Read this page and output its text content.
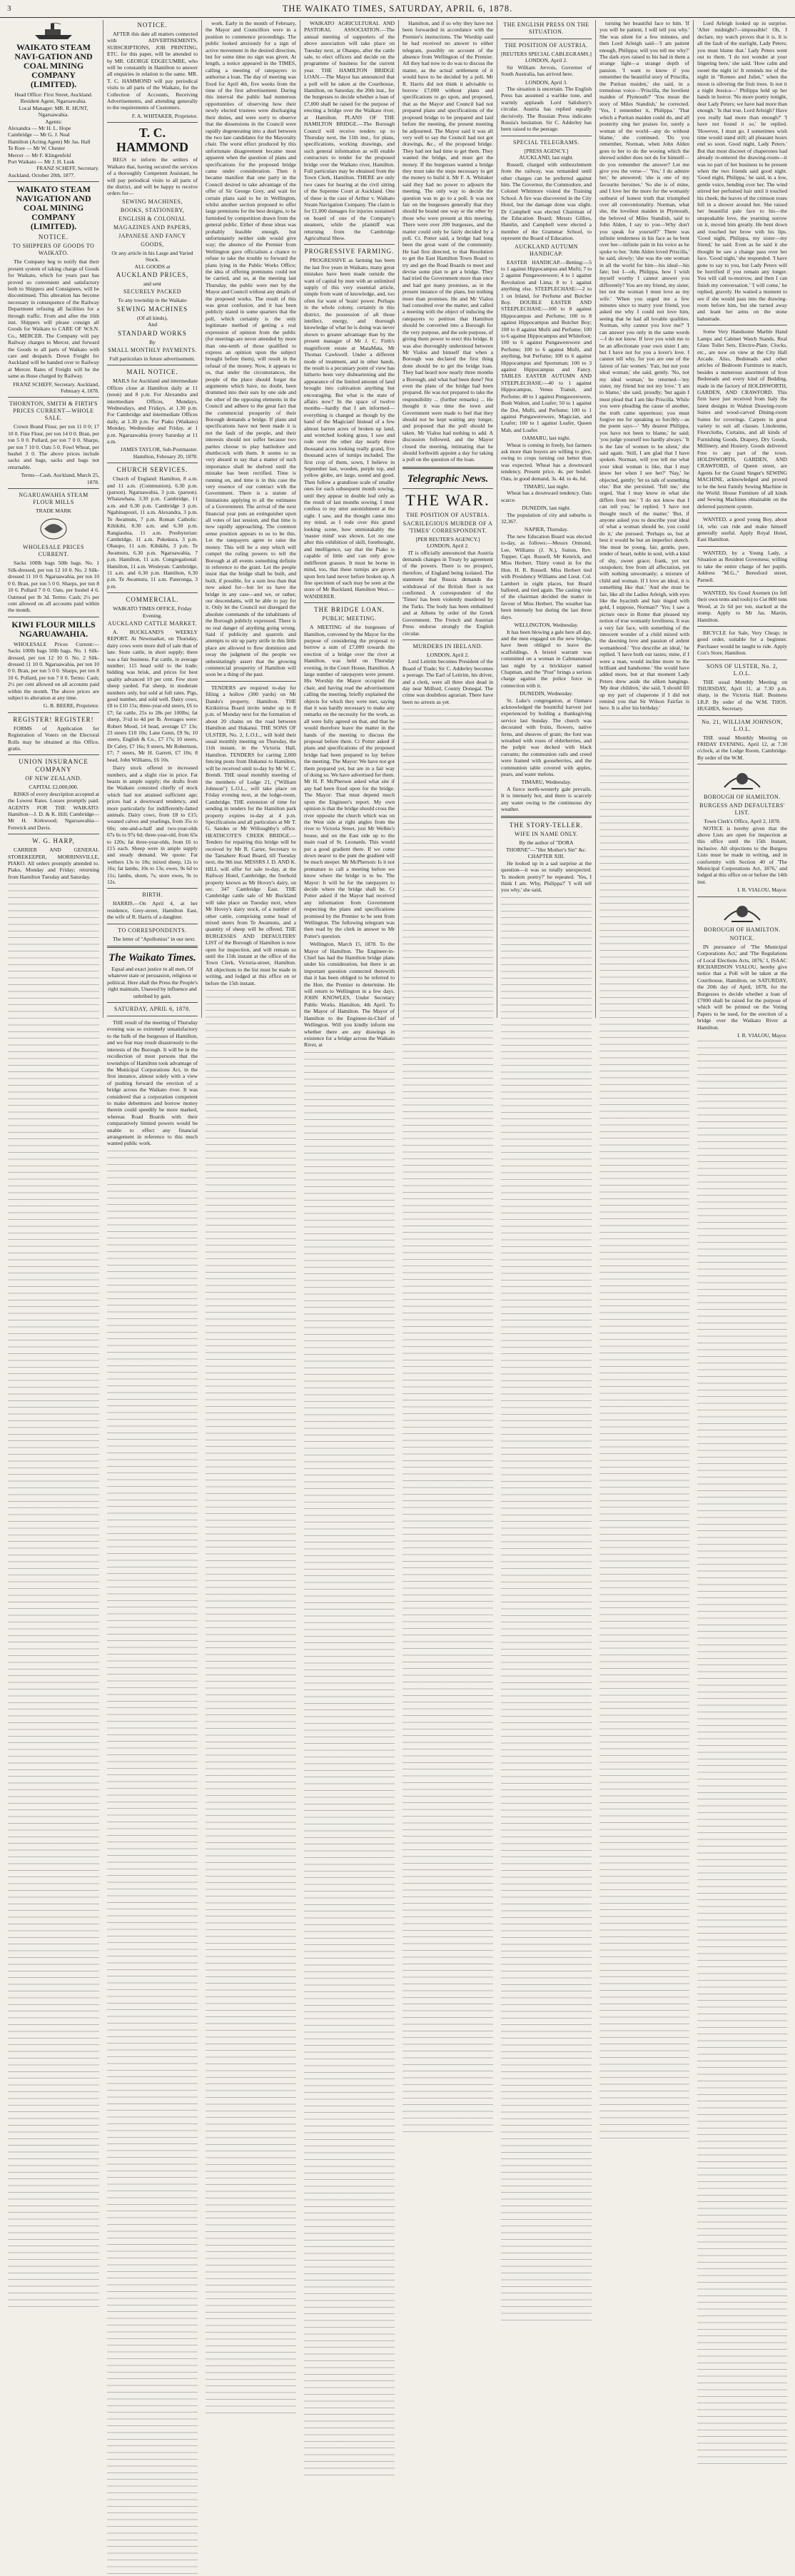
3	THE WAIKATO TIMES, SATURDAY, APRIL 6, 1878.
WAIKATO STEAM NAVI-GATION AND COAL MINING COMPANY (LIMITED).
Head Office: First Street, Auckland.
Resident Agent, Ngaruawahia.
Local Manager: MR. R. HUNT, Ngaruawahia.
Agents:
Alexandra — Mr H. L. Hope
Cambridge — Mr G. J. Neal
Hamilton (Acting Agent) Mr Jas. Hall
Te Rore — Mr W. Chester
Mercer — Mr F. Klingenfeld
Port Waikato — Mr J. H. Lusk
FRANZ SCHEFF, Secretary.
Auckland, October 20th, 1877.
WAIKATO STEAM NAVIGATION AND COAL MINING COMPANY (LIMITED).
NOTICE.
TO SHIPPERS OF GOODS TO WAIKATO.
The Company beg to notify that their present system of taking charge of Goods for Waikato, which for years past has proved so convenient and satisfactory both to Shippers and Consignees, will be discontinued. This alteration has become necessary in consequence of the Railway Department refusing all facilities for a through traffic. From and after the 16th inst. Shippers will please consign all Goods for Waikato to CARE OF W.S.N. Co., MERCER. The Company will pay Railway charges to Mercer, and forward the Goods to all parts of Waikato with care and despatch. Down Freight for Auckland will be handed over to Railway at Mercer. Rates of Freight will be the same as those charged by Railway.
FRANZ SCHEFF, Secretary. Auckland, February 4, 1878.
THORNTON, SMITH & FIRTH'S PRICES CURRENT—WHOLE SALE.
Crown Brand Flour, per ton 11 0 0; 17 10 0. Fine Flour, per ton 14 0 0. Bran, per ton 5 0 0. Pollard, per ton 7 0 0. Sharps, per ton 7 10 0. Oats 5 0. Fowl Wheat, per bushel 3 0. The above prices include sacks and bags, sacks and bags not returnable.
Terms—Cash. Auckland, March 25, 1878.
NGARUAWAHIA STEAM FLOUR MILLS
TRADE MARK
WHOLESALE PRICES CURRENT.
Sacks 100lb bags 50lb bags. No. 1 Silk-dressed, per ton 12 10 0. No. 2 Silk-dressed 11 10 0. Ngaruawahia, per ton 10 0 0. Bran, per ton 5 0 0. Sharps, per ton 8 10 6. Pollard 7 0 0. Oats, per bushel 4 6. Oatmeal per lb 3d. Terms: Cash; 2½ per cent allowed on all accounts paid within the month.
KIWI FLOUR MILLS NGARUAWAHIA.
WHOLESALE Prices Current:— Sacks 100lb bags 50lb bags. No. 1 Silk-dressed, per ton 12 10 0. No. 2 Silk-dressed 11 10 0. Ngaruawahia, per ton 10 0 0. Bran, per ton 5 0 0. Sharps, per ton 8 10 6. Pollard, per ton 7 0 0. Terms: Cash; 2½ per cent allowed on all accounts paid within the month. The above prices are subject to alteration at any time.
G. B. BEERE, Proprietor.
REGISTER! REGISTER!
FORMS of Application for Registration of Voters on the Electoral Rolls may be obtained at this Office, gratis.
UNION INSURANCE COMPANY
OF NEW ZEALAND.
CAPITAL £2,000,000.
RISKS of every description accepted at the Lowest Rates. Losses promptly paid. AGENTS FOR THE WAIKATO: Hamilton—J. D. & K. Hill; Cambridge—Mr H. Kirkwood; Ngaruawahia—Fenwick and Davis.
W. G. HARP,
CARRIER AND GENERAL STOREKEEPER, MORRINSVILLE, PIAKO. All orders promptly attended to. Piako, Monday and Friday; returning from Hamilton Tuesday and Saturday.
NOTICE.
AFTER this date all matters connected with ADVERTISEMENTS, SUBSCRIPTIONS, JOB PRINTING, ETC. for this paper, will be attended to by MR. GEORGE EDGECUMBE, who will be constantly in Hamilton to answer all enquiries in relation to the same. MR. T. C. HAMMOND will pay periodical visits to all parts of the Waikato, for the Collection of Accounts, Receiving Advertisements, and attending generally to the requirements of Customers.
F. A. WHITAKER, Proprietor.
T. C. HAMMOND
BEGS to inform the settlers of Waikato that, having secured the services of a thoroughly Competent Assistant, he will pay periodical visits to all parts of the district, and will be happy to receive orders for—
SEWING MACHINES,
BOOKS, STATIONERY,
ENGLISH & COLONIAL
MAGAZINES AND PAPERS,
JAPANESE AND FANCY
GOODS,
Or any article in his Large and Varied Stock.
ALL GOODS at
AUCKLAND PRICES,
and sent
SECURELY PACKED
To any township in the Waikato
SEWING MACHINES
(Of all kinds),
And
STANDARD WORKS
By
SMALL MONTHLY PAYMENTS.
Full particulars in future advertisement.
MAIL NOTICE.
MAILS for Auckland and intermediate Offices close at Hamilton daily at 11 (noon) and 8 p.m. For Alexandra and intermediate Offices, Mondays, Wednesdays, and Fridays, at 1.30 p.m. For Cambridge and intermediate Offices daily, at 1.30 p.m. For Piako (Waikato) Monday, Wednesday and Friday, at 1 p.m. Ngaruawahia (every Saturday at 11 a.m.
JAMES TAYLOR, Sub-Postmaster. Hamilton, February 20, 1878.
CHURCH SERVICES.
Church of England: Hamilton, 8 a.m. and 11 a.m. (Communion), 6.30 p.m. (parson). Ngaruawahia, 3 p.m. (parson). Whatawhata, 3.30 p.m. Cambridge, 11 a.m. and 6.30 p.m. Cambridge 3 p.m. Ngahinapouri, 11 a.m. Alexandra, 3 p.m. Te Awamutu, 7 p.m. Roman Catholic: Kihikihi, 8.30 a.m. and 6.30 p.m. Rangiaohia, 11 a.m. Presbyterian: Cambridge, 11 a.m. Pukekura, 3 p.m. Ohaupo, 11 a.m. Kihikihi, 3 p.m. Te Awamutu, 6.30 p.m. Ngaruawahia, 7 p.m. Hamilton, 11 a.m. Congregational: Hamilton, 11 a.m. Wesleyan: Cambridge, 11 a.m. and 6.30 p.m. Hamilton, 6.30 p.m. Te Awamutu, 11 a.m. Pateronga, 3 p.m.
COMMERCIAL.
WAIKATO TIMES OFFICE, Friday Evening.
AUCKLAND CATTLE MARKET.
A. BUCKLAND'S WEEKLY REPORT. At Newmarket, on Thursday, dairy cows were more dull of sale than of late. Store cattle, in short supply; there was a fair business. Fat cattle, in average number; 115 head sold to the trade; bidding was brisk, and prices for best quality advanced 10 per cent. Few store sheep yarded. Fat sheep, in moderate numbers only, but sold at full rates. Pigs, good number, and sold well. Dairy cows, £8 to £10 15s; three-year-old steers, £6 to £7; fat cattle, 25s to 28s per 100lbs; fat sheep, 3½d to 4d per lb. Averages were: Robert Mood, 14 head, average £7 13s; 23 steers £10 10s; Lane Genn, £9 9s; 10 steers, English & Co., £7 17s; 10 steers, Dr Caley, £7 16s; 9 steers, Mr Robertson, £7; 7 steers, Mr H. Garrett, £7 10s; 8 head, John Williams, £6 10s.
Dairy stock offered in increased numbers, and a slight rise in price. Fat beasts in ample supply; the drafts from the Waikato consisted chiefly of stock which had not attained sufficient age; prices had a downward tendency, and more particularly for indifferently-fatted animals. Dairy cows, from £8 to £15; weaned calves and yearlings, from 35s to 60s; one-and-a-half and two-year-olds 67s 6s to 97s 6d; three-year-old, from 65s to 120s; fat three-year-olds, from £6 to £15 each. Sheep were in ample supply and steady demand. We quote: Fat wethers 13s to 18s; mixed sheep, 12s to 16s; fat lambs, 10s to 13s; ewes, 9s 6d to 11s; lambs, shorn, 7s; store ewes, 9s to 12s.
BIRTH.
HARRIS.—On April 4, at her residence, Grey-street, Hamilton East, the wife of R. Harris of a daughter.
TO CORRESPONDENTS.
The letter of "Apollonius" in our next.
The Waikato Times.
Equal and exact justice to all men, Of whatever state or persuasion, religious or political. Here shall the Press the People's right maintain, Unawed by influence and unbribed by gain.
SATURDAY, APRIL 6, 1878.
THE result of the meeting of Thursday evening was so extremely unsatisfactory to the bulk of the burgesses of Hamilton, and we fear may result disastrously to the interests of the Borough. It will be in the recollection of most persons that the townships of Hamilton took advantage of the Municipal Corporations Act, in the first instance, almost solely with a view of pushing forward the erection of a bridge across the Waikato river. It was considered that a corporation competent to make debentures and borrow money therein could speedily be more marked, whereas Road Boards with their comparatively limited powers would be unable to effect any financial arrangement in reference to this much wanted public work.
work. Early in the month of February, the Mayor and Councillors were in a position to commence proceedings. The public looked anxiously for a sign of active movement in the desired direction, but for some time no sign was given. At length, a notice appeared in the TIMES, calling a meeting of ratepayers to authorise a loan. The day of meeting was fixed for April 4th, five weeks from the time of the first advertisement. During this interval the public had numerous opportunities of observing how their newly elected trustees were discharging their duties, and were sorry to observe that the dissensions in the Council were rapidly degenerating into a duel between the two late candidates for the Mayoralty chair. The worst effect produced by this unfortunate disagreement became most apparent when the question of plans and specifications for the proposed bridge came under consideration. Then it became manifest that one party in the Council desired to take advantage of the offer of Sir George Grey, and wait for certain plans said to be in Wellington, whilst another section proposed to offer large premiums for the best designs, to be furnished by competition drawn from the general public. Either of these ideas was probably feasible enough, but unfortunately neither side would give way; the absence of the Premier from Wellington gave officialism a chance to refuse to take the trouble to forward the plans lying in the Public Works Office; the idea of offering premiums could not be carried, and so, at the meeting last Thursday, the public were met by the Mayor and Council without any details of the proposed works. The result of this was great confusion, and it has been publicly stated in some quarters that the poll, which certainly is the only legitimate method of getting a real expression of opinion from the public (for meetings are never attended by more than one-tenth of those qualified to express an opinion upon the subject brought before them), will result in the refusal of the money. Now, it appears to us, that under the circumstances, the people of the place should forget the arguments which have, no doubt, been drummed into their ears by one side and the other of the opposing elements in the Council and adhere to the great fact that the commercial prosperity of their Borough demands a bridge. If plans and specifications have not been made it is not the fault of the people, and their interests should not suffer because two parties choose to play battledore and shuttlecock with them. It seems to us very absurd to say that a matter of such importance shall be shelved until the mistake has been rectified. Time is running on, and time is in this case the very essence of our contract with the Government. There is a statute of limitations applying to all the estimates of a Government. The arrival of the next financial year puts an extinguisher upon all votes of last session, and that time is now rapidly approaching. The common sense position appears to us to be this. Let the ratepayers agree to raise the money. This will be a step which will compel the ruling powers to tell the Borough at all events something definite in reference to the grant. Let the people insist that the bridge shall be built, and built, if possible, for a sum less than that now asked for—but let us have the bridge in any case—and we, or rather, our descendants, will be able to pay for it. Only let the Council not disregard the absolute commands of the inhabitants of the Borough publicly expressed. There is no real danger of anything going wrong. Said if publicity and quarrels and attempts to stir up party strife in this little place are allowed to flow dominion and sway the judgment of the people we unhesitatingly assert that the growing commercial prosperity of Hamilton will soon be a thing of the past.
TENDERS are required to-day for filling a hollow (300 yards) on Mr Dando's property, Hamilton. THE Kirikiriroa Board invite tender up to 8 p.m. of Monday next for the formation of about 20 chains on the road between Hamilton and Hukanui. THE SONS OF ULSTER, No. 2, L.O.L., will hold their usual monthly meeting on Thursday, the 11th instant, in the Victoria Hall, Hamilton. TENDERS for carting 2,000 fencing posts from Hukanui to Hamilton, will be received until to-day by Mr W. C. Brendt. THE usual monthly meeting of the members of Lodge 21, ("William Johnson") L.O.L., will take place on Friday evening next, at the lodge-room, Cambridge. THE extension of time for sending in tenders for the Hamilton park property expires to-day at 4 p.m. Specifications and all particulars at Mr T. G. Sandes or Mr Willoughby's office. HEATHCOTE'S CREEK BRIDGE.—Tenders for repairing this bridge will be received by Mr R. Carter, Secretary to the Tamahere Road Board, till Tuesday next, the 9th inst. MESSRS J. D. AND K. HILL will offer for sale to-day, at the Railway Hotel, Cambridge, the freehold property known as Mr Hovey's dairy, on sec. 347 Cambridge East. THE Cambridge cattle sale of Mr Buckland will take place on Tuesday next, when Mr Hovey's dairy stock, of a number of other cattle, comprising some head of mixed steers from Te Awamutu, and a quantity of sheep will be offered. THE BURGESSES AND DEFAULTERS' LIST of the Borough of Hamilton is now open for inspection, and will remain so until the 15th instant at the office of the Town Clerk, Victoria-street, Hamilton. All objections to the list must be made in writing, and lodged at this office on or before the 15th instant.
WAIKATO AGRICULTURAL AND PASTORAL ASSOCIATION.—The annual meeting of supporters of the above association will take place on Tuesday next, at Ohaupo, after the cattle sale, to elect officers and decide on the programme of business for the current year. THE HAMILTON BRIDGE LOAN.—The Mayor has announced that a poll will be taken at the Courthouse, Hamilton, on Saturday, the 20th inst., for the burgesses to decide whether a loan of £7,000 shall be raised for the purpose of erecting a bridge over the Waikato river, at Hamilton. PLANS OF THE HAMILTON BRIDGE.—The Borough Council will receive tenders up to Thursday next, the 11th inst., for plans, specifications, working drawings, and such general information as will enable contractors to tender for the proposed bridge over the Waikato river, Hamilton. Full particulars may be obtained from the Town Clerk, Hamilton. THERE are only two cases for hearing at the civil sitting of the Supreme Court at Auckland. One of these is the case of Arthur v. Waikato Steam Navigation Company. The claim is for £1,000 damages for injuries sustained on board of one of the Company's steamers, while the plaintiff was returning from the Cambridge Agricultural Show.
PROGRESSIVE FARMING.
PROGRESSIVE as farming has been the last five years in Waikato, many great mistakes have been made outside the want of capital by men with an unlimited supply of this very essential article, simple from want of knowledge, and, too often for want of 'brain' power. Perhaps in the whole colony, certainly in this district, the possession of all those intellect, energy, and thorough knowledge of what he is doing was never shown to greater advantage than by the present manager of Mr J. C. Firth's magnificent estate at MataMata, Mr Thomas Cawkwell. Under a different mode of treatment, and in other hands, the result is a pecuniary point of view has hitherto been very disheartening and the appearance of the limited amount of land brought into cultivation anything but encouraging. But what is the state of affairs now? In the space of twelve months—hardly that I am informed—everything is changed as though by the hand of the Magician! Instead of a few almost barren acres of broken up land, and wretched looking grass, I saw and rode over the other day nearly three thousand acres looking really grand, five thousand acres of turnips included. The first crop of them, sown, I believe in September last, wooden, purple top, and yellow globe, are large, sound and good. Then follow a grandiose scale of smaller ones for each subsequent month sowing, until they appear in double leaf only as the result of last months sowing. I must confess to my utter astonishment at the sight. I saw, and the thought came into my mind, as I rode over this grand looking scene, how unmistakably the 'master mind' was shown. Let no one after this exhibition of skill, forethought, and intelligence, say that the Piako is capable of little and can only grow indifferent grasses. It must be borne in mind, too, that these turnips are grown upon fern land never before broken up. A fine specimen of such may be seen at the store of Mr Buckland, Hamilton West.—WANDERER.
THE BRIDGE LOAN.
PUBLIC MEETING.
A MEETING of the burgesses of Hamilton, convened by the Mayor for the purpose of considering the proposal to borrow a sum of £7,000 towards the erection of a bridge over the river at Hamilton, was held on Thursday evening, in the Court House, Hamilton. A large number of ratepayers were present. His Worship the Mayor occupied the chair, and having read the advertisement calling the meeting, briefly explained the objects for which they were met, saying that it was hardly necessary to make any remarks on the necessity for the work, as all were fully agreed on that, and that he would therefore leave the matter in the hands of the meeting to discuss the proposal before them. Cr Potter asked if plans and specifications of the proposed bridge had been prepared to lay before the meeting. The Mayor: We have not got them prepared yet, but are in a fair way of doing so. We have advertised for them. Mr H. P. McPherson asked what site if any had been fixed upon for the bridge. The Mayor: That must depend much upon the Engineer's report. My own opinion is that the bridge should cross the river opposite the church which was on the West side at right angles from the river to Victoria Street, just Mr Welbie's house, and on the East side up to the main road of St. Leonards. This would put a good gradient there. If we come down nearer to the punt the gradient will be much steeper. Mr McPherson: Is it not premature to call a meeting before we know where the bridge is to be. The Mayor: It will be for the ratepayers to decide where the bridge shall be. Cr Potter asked if the Mayor had received any information from Government respecting the plans and specifications promised by the Premier to be sent from Wellington. The following telegram was then read by the clerk in answer to Mr Potter's question.
Wellington, March 15, 1878. To the Mayor of Hamilton. The Engineer-in-Chief has had the Hamilton bridge plans under his consideration, but there is an important question connected therewith that it has been obliged to be referred to the Hon. the Premier to determine. He will return to Wellington in a few days. JOHN KNOWLES, Under Secretary Public Works. Hamilton, 4th April. To the Mayor of Hamilton. The Mayor of Hamilton to the Engineer-in-Chief of Wellington. Will you kindly inform me whether there are any drawings in existence for a bridge across the Waikato River, at
Hamilton, and if so why they have not been forwarded in accordance with the Premier's instructions. The Worship said he had received no answer to either telegram, possibly on account of the absence from Wellington of the Premier. All they had now to do was to discuss the matter, as the actual settlement of it would have to be decided by a poll. Mr R. Harris did not think it advisable to borrow £7,000 without plans and specifications to go upon, and proposed, that as the Mayor and Council had not prepared plans and specifications of the proposed bridge to be prepared and laid before the meeting, the present meeting be adjourned. The Mayor said it was all very well to say the Council had not got drawings, &c., of the proposed bridge. They had not had time to get them. They wanted the bridge, and must get the money. If the burgesses wanted a bridge they must take the steps necessary to get the money to build it. Mr F. A. Whitaker said they had no power to adjourn the meeting. The only way to decide the question was to go to a poll. It was not fair on the burgesses generally that they should be bound one way or the other by those who were present at this meeting. There were over 200 burgesses, and the matter could only be fairly decided by a poll. Cr. Potter said, a bridge had long been the great want of the community. He had first directed, to that Resolution to get the East Hamilton Town Board to try and get the Road Boards to meet and devise some plan to get a bridge. They had tried the Government more than once and had got many promises, as in the present instance of the plans, but nothing more than promises. He and Mr Vialou had consulted over the matter, and called a meeting with the object of inducing the ratepayers to petition that Hamilton should be converted into a Borough for the very purpose, and the sole purpose, of giving them power to erect this bridge. It was also thoroughly understood between Mr Vialou and himself that when a Borough was declared the first thing done should be to get the bridge loan. They had heard now nearly three months a Borough, and what had been done? Not even the plans of the bridge had been prepared. He was not prepared to take the responsibility ... (further remarks) ... He thought it was time the town and Government were made to feel that they should not be kept waiting any longer, and proposed that the poll should be taken. Mr Vialou had nothing to add. A discussion followed, and the Mayor closed the meeting, intimating that he should forthwith appoint a day for taking a poll on the question of the loan.
Telegraphic News.
THE WAR.
THE POSITION OF AUSTRIA.
SACRILEGIOUS MURDER OF A 'TIMES' CORRESPONDENT.
[PER REUTER'S AGENCY.]
LONDON, April 2.
IT is officially announced that Austria demands changes in Treaty by agreement of the powers. There is no prospect, therefore, of England being isolated. The statement that Russia demands the withdrawal of the British fleet is not confirmed. A correspondent of the 'Times' has been violently murdered by the Turks. The body has been embalmed and at Athens by order of the Greek Government. The French and Austrian Press endorse strongly the English circular.
MURDERS IN IRELAND.
LONDON, April 2.
Lord Leitrim becomes President of the Board of Trade; Sir C. Adderley becomes a peerage. The Earl of Leitrim, his driver, and a clerk, were all three shot dead in day near Milford, County Donegal. The crime was doubtless agrarian. There have been no arrests as yet.
THE ENGLISH PRESS ON THE SITUATION.
THE POSITION OF AUSTRIA.
[REUTERS SPECIAL CABLEGRAMS.]
LONDON, April 2.
Sir William Jervois, Governor of South Australia, has arrived here.
LONDON, April 3.
The situation is uncertain. The English Press has assumed a warlike tone, and warmly applauds Lord Salisbury's circular. Austria has replied equally decisively. The Russian Press indicates Russia's hesitation. Sir C. Adderley has been raised to the peerage.
SPECIAL TELEGRAMS.
[PRESS AGENCY.]
AUCKLAND, last night.
Russell, charged with embezzlement from the railway, was remanded until other charges can be preferred against him. The Governor, the Commodore, and Colonel Whitmore visited the Training School. A fire was discovered in the City Hotel, but the damage done was slight. Dr Campbell was elected Chairman of the Education Board; Messrs Gillies, Hamlin, and Campbell were elected a member of the Grammar School, to represent the Board of Education.
AUCKLAND AUTUMN HANDICAP.
EASTER HANDICAP.—Betting:—5 to 1 against Hippocampus and Mufti; 7 to 2 against Pungawerewere; 4 to 1 against Revolution and Lima; 8 to 1 against anything else. STEEPLECHASE:—2 to 1 on Inland, for Perfume and Butcher Boy. DOUBLE EASTER AND STEEPLECHASE:—100 to 8 against Hippocampus and Perfume; 100 to 8 against Hippocampus and Butcher Boy; 100 to 8 against Mufti and Perfume; 100 to 6 against Hippocampus and Whitefoot; 100 to 6 against Pungawerewere and Perfume; 100 to 6 against Mufti, and anything, but Perfume; 100 to 6 against Hippocampus and Sportsman; 100 to 3 against Hippocampus and Fancy. TABLES EASTER AUTUMN AND STEEPLECHASE:—40 to 1 against Hippocampus, Venus Transit, and Perfume; 40 to 1 against Pungawerewere, Bush Walton, and Loafer; 50 to 1 against the Dot, Mufti, and Perfume; 100 to 1 against Pungawerewere, Magician, and Loafer; 100 to 1 against Loafer, Queen Mab, and Loafer.
OAMARU, last night.
Wheat is coming in freely, but farmers ask more than buyers are willing to give, owing to crops turning out better than was expected. Wheat has a downward tendency. Present price, 4s. per bushel. Oats, in good demand, 3s. 4d. to 4s. 6d.
TIMARU, last night.
Wheat has a downward tendency. Oats scarce.
DUNEDIN, last night.
The population of city and suburbs is 32,367.
NAPIER, Thursday.
The new Education Board was elected to-day, as follows:—Messrs Ormond, Lee, Williams (J. N.), Sutton, Rev. Tupper, Capt. Russell, Mr Kenrick, and Miss Herbert. Thirty voted in for the Hon. H. R. Russell. Miss Herbert tied with Presidency Williams and Lieut. Col. Lambert in eight places, but Board balloted, and tied again. The casting vote of the chairman decided the matter in favour of Miss Herbert. The weather has been intensely hot during the last three days.
WELLINGTON, Wednesday.
It has been blowing a gale here all day, and the men engaged on the new bridge, have been obliged to leave the scaffoldings. A bristol warrant was committed on a woman in Cabmanstead last night by a bricklayer named Chapman, and the "Post" brings a serious charge against the police force in connection with it.
DUNEDIN, Wednesday.
St. Luke's congregation, at Oamaru acknowledged the bountiful harvest just experienced by holding a thanksgiving service last Sunday. The church was decorated with fruits, flowers, native ferns, and sheaves of grain; the font was wreathed with roses of elderberries, and the pulpit was decked with black currants; the communion rails and creed were framed with gooseberries, and the communion table covered with apples, pears, and water melons.
TIMARU, Wednesday.
A fierce north-westerly gale prevails. It is intensely hot, and there is scarcely any water owing to the continuous dry weather.
THE STORY-TELLER.
WIFE IN NAME ONLY.
By the author of "DORA THORNE"—"Her Mother's Sin" &c.
CHAPTER XIII.
He looked up in a sad surprise at the question—it was so totally unexpected. 'Is modern poetry?' he repeated. 'Yes, I think I am. Why, Philippa?' 'I will tell you why,' she said,
turning her beautiful face to him. 'If you will be patient, I will tell you why.' She was silent for a few minutes, and then Lord Arleigh said—'I am patient enough, Philippa; will you tell me why?' The dark eyes raised to his had in them a strange light—a strange depth of passion. 'I want to know if you remember the beautiful story of Priscilla, the Puritan maiden,' she said, in a tremulous voice—'Priscilla, the loveliest maiden of Plymouth?' 'You mean the story of Miles Standish,' he corrected. 'Yes, I remember it, Philippa.' 'That which a Puritan maiden could do, and all posterity sing her praises for, surely a woman of the world—any do without blame,' she continued. 'Do you remember, Norman, when John Alden goes to her to do the wooing which the shrewd soldier does not do for himself—do you remember the answer? Let me give you the verse—' 'Yes,' I do admire her,' he answered; 'she is one of my favourite heroines.' 'So she is of mine, and I love her the more for the womanly outburst of honest truth that triumphed over all conventionality. Norman, what she, the loveliest maiden in Plymouth, the beloved of Miles Standish, said to John Alden, I say to you—Why don't you speak for yourself?' There was infinite tenderness in his face as he bent over her—infinite pain in his voice as he spoke to her. 'John Alden loved Priscilla,' he said, slowly; 'she was the one woman in all the world for him—his ideal—his fate; but I—oh, Philippa, how I wish myself worthy I cannot answer you differently? You are my friend, my sister, but not the woman I must love as my wife.' 'When you urged me a few minutes since to marry your friend, you asked me why I could not love him, seeing that he had all lovable qualities. Norman, why cannot you love me?' 'I can answer you only in the same words—I do not know. If love you wish me to be an affectionate your own sister I am; but I have not for you a lover's love. I cannot tell why, for you are one of the fairest of fair women.' 'Fair, but not your ideal woman,' she said, gently. 'No, not my ideal woman,' he returned—'my sister, my friend but not my love.' 'I am to blame,' she said, proudly; 'but again I must plead that I am like Priscilla. While you were pleading the cause of another, the truth came uppermost; you must forgive me for speaking so forcibly—as the poem says—' 'My dearest Philippa, you have not been to blame,' he said; 'you judge yourself too hardly always.' 'It is the fate of women to be silent,' she said again. 'Still, I am glad that I have spoken. Norman, will you tell me what your ideal woman is like, that I may know her when I see her?' 'Nay,' he objected, gently; 'let us talk of something else.' But she persisted. 'Tell me,' she urged, 'that I may know in what she differs from me.' 'I do not know that I can tell you,' he replied. 'I have not thought much of the matter.' 'But, if anyone asked you to describe your ideal of what a woman should be, you could do it,' she pursued. 'Perhaps so, but at best it would be but an imperfect sketch. She must be young, fair, gentle, pure, tender of heart, noble in soul, with a kind of shy, sweet grace; frank, yet not outspoken; free from all affectation, yet with nothing unwomanly; a mixture of child and woman. If I love an ideal, it is something like that.' 'And she must be fair, like all the Ladies Arleigh, with eyes like the hyacinth and hair tinged with gold, I suppose, Norman?' 'Yes; I saw a picture once in Rome that pleased my notion of true womanly loveliness. It was a very fair face, with something of the innocent wonder of a child mixed with the dawning love and passion of ardent womanhood.' 'You describe an ideal,' he replied. 'I have both our tastes; mine, if I were a man, would incline more to the brilliant and handsome.' She would have added more, but at that moment Lady Peters drew aside the silken hangings. 'My dear children,' she said, 'I should fill up my part of chaperone if I did not remind you that Sir Wilson Fairfax is here. It is after his birthday.'
Lord Arleigh looked up in surprise. 'After midnight?—impossible! Oh, I declare, my watch proves that it is. It is all the fault of the starlight, Lady Peters; you must blame that.' Lady Peters went out to them. 'I do not wonder at your lingering here,' she said. 'How calm and sweet the night is! It reminds me of the night in "Romeo and Juliet," when the moon is silvering the fruit trees. Is not it a night Jessica—' Philippa held up her hands in horror. 'No more poetry tonight, dear Lady Peters; we have had more than enough.' 'Is that true, Lord Arleigh? Have you really had more than enough?' 'I have not found it so,' he replied. 'However, I must go. I sometimes wish time would stand still; all pleasant hours end so soon. Good night, Lady Peters.' But that most discreet of chaperones had already re-entered the drawing-room—it was no part of her business to be present when the two friends said good night. 'Good night, Philippa,' he said, in a low, gentle voice, bending over her. The wind stirred her perfumed hair until it touched his cheek; the leaves of the crimson roses fell in a shower around her. She raised her beautiful pale face to his—the unspeakable love, the yearning sorrow on it, moved him greatly. He bent down and touched her brow with his lips. 'Good night, Philippa, my sister—my friend,' he said. Even as he said it she thought he saw a change pass over her face. 'Good night,' she responded. 'I have gone to say to you, but Lady Peters will be horrified if you remain any longer. You will call to-morrow, and then I can finish my conversation.' 'I will come,' he replied, gravely. He waited a moment to see if she would pass into the drawing-room before him, but she turned away and leant her arms on the stone balustrade.
Some Very Handsome Marble Hand Lamps and Cabinet Watch Stands, Real Glass Toilet Sets, Electro-Plate, Clocks, etc., are now on view at the City Hall Arcade. Also, Bedsteads and other articles of Bedroom Furniture to match, besides a numerous assortment of Iron Bedsteads and every kind of Bedding, made in the factory of HOLDSWORTH, GARDEN, AND CRAWFORD. This firm have just received from Italy the latest designs in Walnut Drawing-room Suites and wood-carved Dining-room Suites for coverings. Carpets in great variety to suit all classes. Linoleums, Floorcloths, Curtains, and all kinds of Furnishing Goods, Drapery, Dry Goods, Millinery, and Hosiery. Goods delivered Free to any part of the town. HOLDSWORTH, GARDEN, AND CRAWFORD, of Queen street, are Agents for the Grand Singer's SEWING MACHINE, acknowledged and proved to be the best Family Sewing Machine in the World. House Furniture of all kinds and Sewing Machines obtainable on the deferred payment system.
WANTED, a good young Boy, about 14, who can ride and make himself generally useful. Apply Royal Hotel, East Hamilton.
WANTED, by a Young Lady, a Situation as Resident Governess; willing to take the entire charge of her pupils. Address "M.G.," Beresford street, Parnell.
WANTED, Six Good Axemen (to fell their own tents and tools) to Cut 800 tons Wood, at 2s 6d per ton, stacked at the stump. Apply to Mr Jas. Martin, Hamilton.
BICYCLE for Sale, Very Cheap; in good order, suitable for a beginner. Purchaser would be taught to ride. Apply Cox's Store, Hamilton.
SONS OF ULSTER, No. 2, L.O.L.
THE usual Monthly Meeting on THURSDAY, April 11, at 7.30 p.m. sharp, in the Victoria Hall. Business I.R.P. By order of the W.M. THOS. HUGHES, Secretary.
No. 21, WILLIAM JOHNSON, L.O.L.
THE usual Monthly Meeting on FRIDAY EVENING, April 12, at 7.30 o'clock, at the Lodge Room, Cambridge. By order of the W.M.
BOROUGH OF HAMILTON.
BURGESS AND DEFAULTERS' LIST.
Town Clerk's Office, April 2, 1878.
NOTICE is hereby given that the above Lists are open for inspection at this office until the 15th Instant, inclusive. All objections to the Burgess Lists must be made in writing, and in conformity with Section 40 of 'The Municipal Corporations Act, 1876,' and lodged at this office on or before the 14th inst.
I. R. VIALOU, Mayor.
BOROUGH OF HAMILTON.
NOTICE.
IN pursuance of 'The Municipal Corporations Act,' and 'The Regulations of Local Elections Acts, 1876,' I, ISAAC RICHARDSON VIALOU, hereby give notice that a Poll will be taken at the Courthouse, Hamilton, on SATURDAY, the 20th day of April, 1878, for the Burgesses to decide whether a loan of £7000 shall be raised for the purpose of which will be printed on the Voting Papers to be used, for the erection of a bridge over the Waikato River at Hamilton.
I. R. VIALOU, Mayor.
